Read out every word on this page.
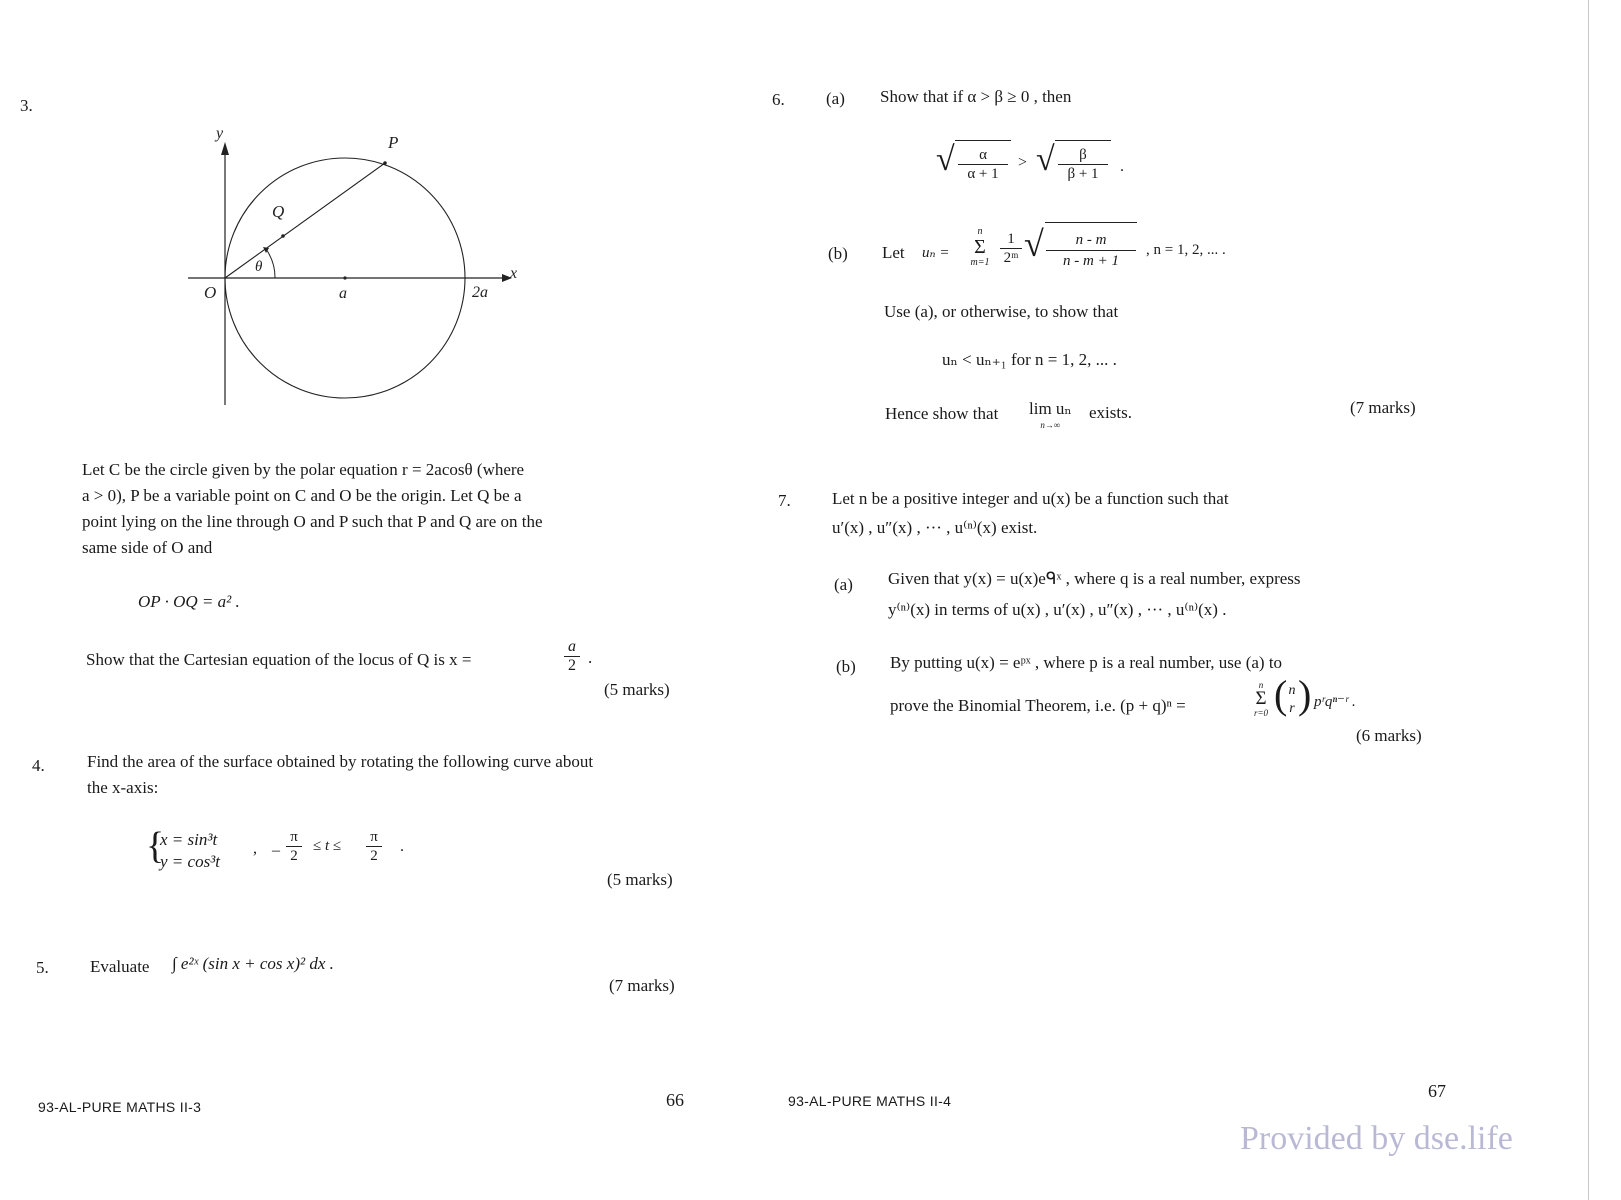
3.
y
x
P
Q
O
θ
a	2a
Let C be the circle given by the polar equation r = 2acosθ (where
a > 0), P be a variable point on C and O be the origin. Let Q be a
point lying on the line through O and P such that P and Q are on the
same side of O and
OP · OQ = a² .
Show that the Cartesian equation of the locus of Q is x =	$\frac{a}{2}$ .
(5 marks)
4. Find the area of the surface obtained by rotating the following curve about
the x-axis:
{
x = sin³t
y = cos³t
, – $\frac{\pi}{2} \le t \le \frac{\pi}{2}$ .
(5 marks)
5. Evaluate ∫ e²ˣ (sin x + cos x)² dx .
(7 marks)
93-AL-PURE MATHS II-3	66
6. (a) Show that if α > β ≥ 0 , then
√ $\frac{\alpha}{\alpha + 1}$ > √ $\frac{\beta}{\beta + 1}$ .
(b) Let uₙ =
n
Σ
$m=1 \frac{1}{\text{2ᵐ}}$ √ $\frac{n - m}{n - m + 1}$ , n = 1, 2, ... .
Use (a), or otherwise, to show that
uₙ < uₙ₊₁ for n = 1, 2, ... .
Hence show that lim uₙ
n→∞
exists.	(7 marks)
7. Let n be a positive integer and u(x) be a function such that
u′(x) , u″(x) , ··· , u⁽ⁿ⁾(x) exist.
(a) Given that y(x) = u(x)eᑫˣ , where q is a real number, express
y⁽ⁿ⁾(x) in terms of u(x) , u′(x) , u″(x) , ··· , u⁽ⁿ⁾(x) .
(b) By putting u(x) = eᵖˣ , where p is a real number, use (a) to
prove the Binomial Theorem, i.e. (p + q)ⁿ =
n
Σ
r=0 ( n
r ) pʳqⁿ⁻ʳ .
(6 marks)
93-AL-PURE MATHS II-4	67
Provided by dse.life
